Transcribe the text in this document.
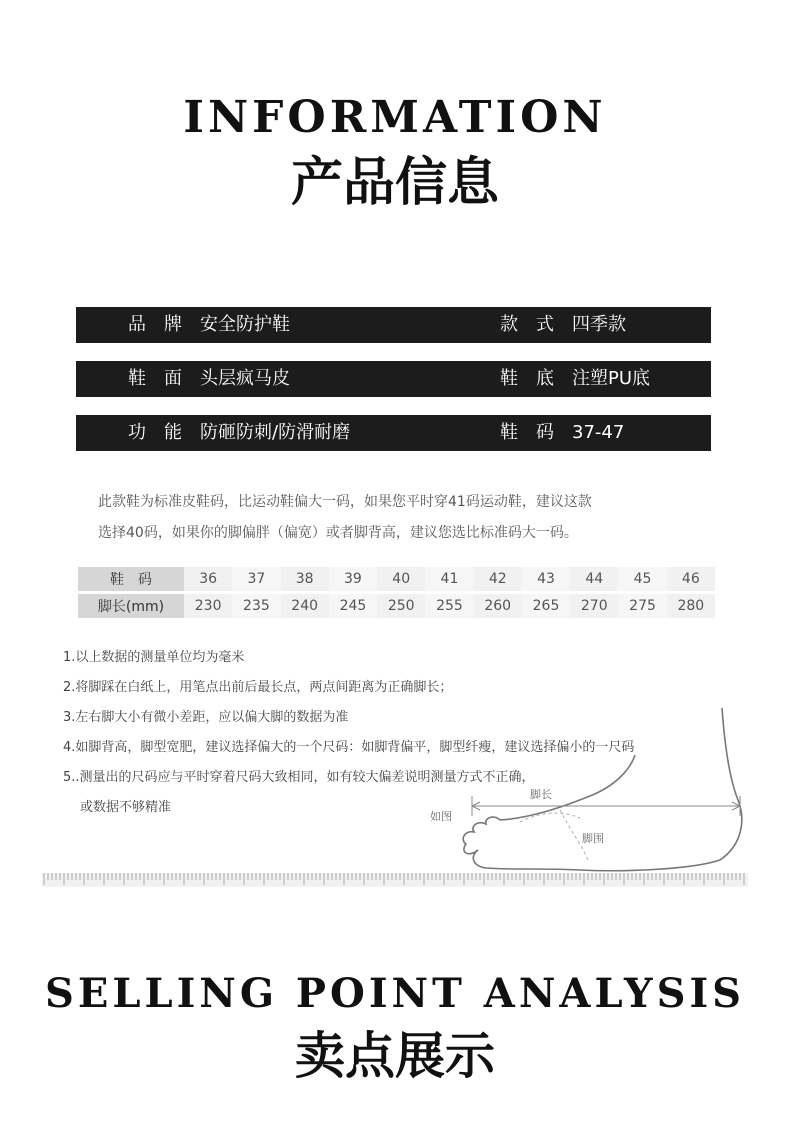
INFORMATION
产品信息
品　牌 安全防护鞋	款　式 四季款
鞋　面 头层疯马皮	鞋　底 注塑PU底
功　能 防砸防刺/防滑耐磨	鞋　码 37-47
此款鞋为标准皮鞋码，比运动鞋偏大一码，如果您平时穿41码运动鞋，建议这款
选择40码，如果你的脚偏胖（偏宽）或者脚背高，建议您选比标准码大一码。
鞋　码	36	37	38	39	40	41	42	43	44	45	46
脚长(mm)	230	235	240	245	250	255	260	265	270	275	280
1.以上数据的测量单位均为毫米
2.将脚踩在白纸上，用笔点出前后最长点，两点间距离为正确脚长；
3.左右脚大小有微小差距，应以偏大脚的数据为准
4.如脚背高，脚型宽肥，建议选择偏大的一个尺码：如脚背偏平，脚型纤瘦，建议选择偏小的一尺码
5..测量出的尺码应与平时穿着尺码大致相同，如有较大偏差说明测量方式不正确，
或数据不够精准
脚长
如图
脚围
SELLING POINT ANALYSIS
卖点展示
